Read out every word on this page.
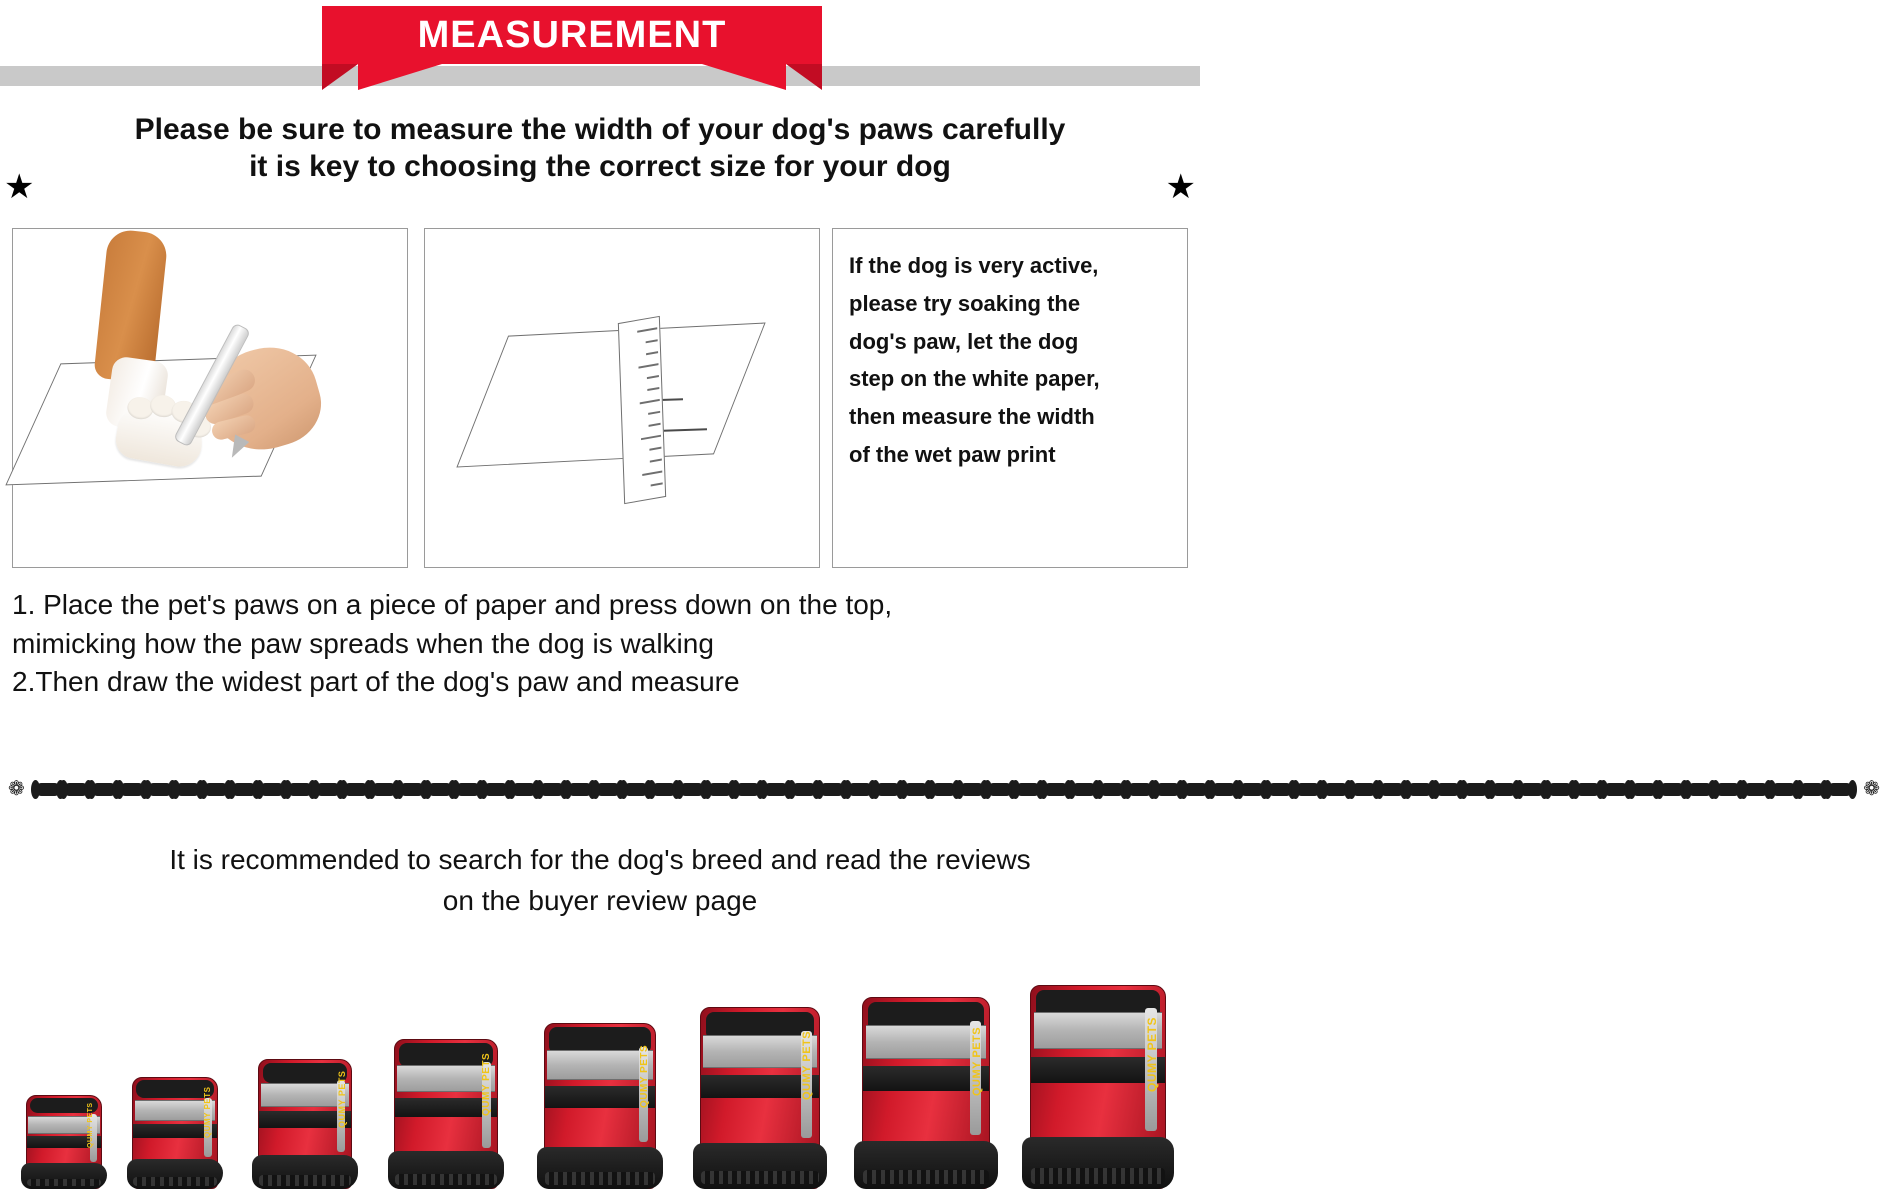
MEASUREMENT
Please be sure to measure the width of your dog's paws carefully
it is key to choosing the correct size for your dog
★	★
If the dog is very active,
please try soaking the
dog's paw, let the dog
step on the white paper,
then measure the width
of the wet paw print
1. Place the pet's paws on a piece of paper and press down on the top,
mimicking how the paw spreads when the dog is walking
2.Then draw the widest part of the dog's paw and measure
❁	❁
It is recommended to search for the dog's breed and read the reviews
on the buyer review page
QUMY PETS	QUMY PETS	QUMY PETS	QUMY PETS	QUMY PETS	QUMY PETS	QUMY PETS	QUMY PETS
